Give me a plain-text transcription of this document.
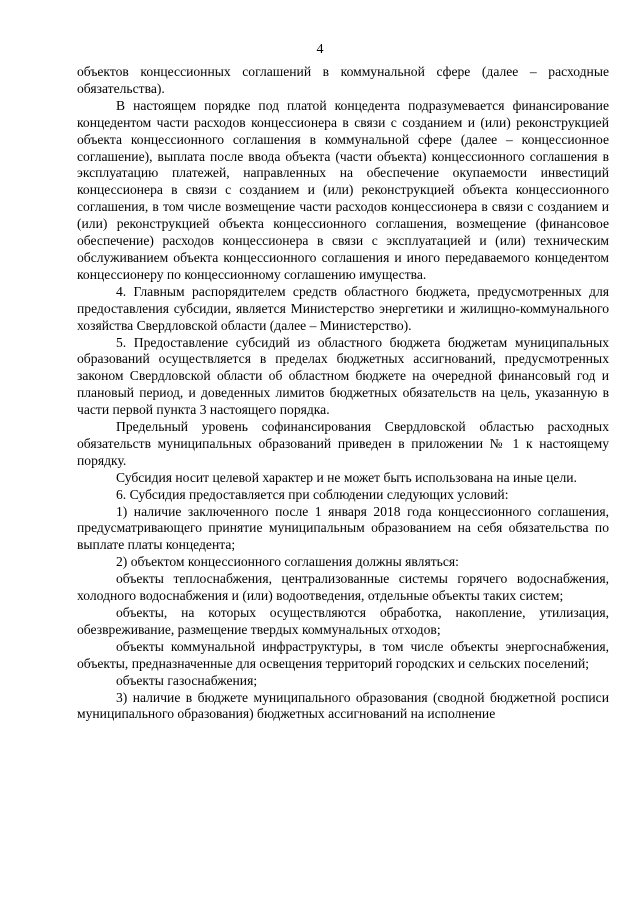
4

объектов концессионных соглашений в коммунальной сфере (далее – расходные обязательства).

В настоящем порядке под платой концедента подразумевается финансирование концедентом части расходов концессионера в связи с созданием и (или) реконструкцией объекта концессионного соглашения в коммунальной сфере (далее – концессионное соглашение), выплата после ввода объекта (части объекта) концессионного соглашения в эксплуатацию платежей, направленных на обеспечение окупаемости инвестиций концессионера в связи с созданием и (или) реконструкцией объекта концессионного соглашения, в том числе возмещение части расходов концессионера в связи с созданием и (или) реконструкцией объекта концессионного соглашения, возмещение (финансовое обеспечение) расходов концессионера в связи с эксплуатацией и (или) техническим обслуживанием объекта концессионного соглашения и иного передаваемого концедентом концессионеру по концессионному соглашению имущества.

4. Главным распорядителем средств областного бюджета, предусмотренных для предоставления субсидии, является Министерство энергетики и жилищно-коммунального хозяйства Свердловской области (далее – Министерство).

5. Предоставление субсидий из областного бюджета бюджетам муниципальных образований осуществляется в пределах бюджетных ассигнований, предусмотренных законом Свердловской области об областном бюджете на очередной финансовый год и плановый период, и доведенных лимитов бюджетных обязательств на цель, указанную в части первой пункта 3 настоящего порядка.

Предельный уровень софинансирования Свердловской областью расходных обязательств муниципальных образований приведен в приложении № 1 к настоящему порядку.

Субсидия носит целевой характер и не может быть использована на иные цели.

6. Субсидия предоставляется при соблюдении следующих условий:

1) наличие заключенного после 1 января 2018 года концессионного соглашения, предусматривающего принятие муниципальным образованием на себя обязательства по выплате платы концедента;

2) объектом концессионного соглашения должны являться:

объекты теплоснабжения, централизованные системы горячего водоснабжения, холодного водоснабжения и (или) водоотведения, отдельные объекты таких систем;

объекты, на которых осуществляются обработка, накопление, утилизация, обезвреживание, размещение твердых коммунальных отходов;

объекты коммунальной инфраструктуры, в том числе объекты энергоснабжения, объекты, предназначенные для освещения территорий городских и сельских поселений;

объекты газоснабжения;

3) наличие в бюджете муниципального образования (сводной бюджетной росписи муниципального образования) бюджетных ассигнований на исполнение
